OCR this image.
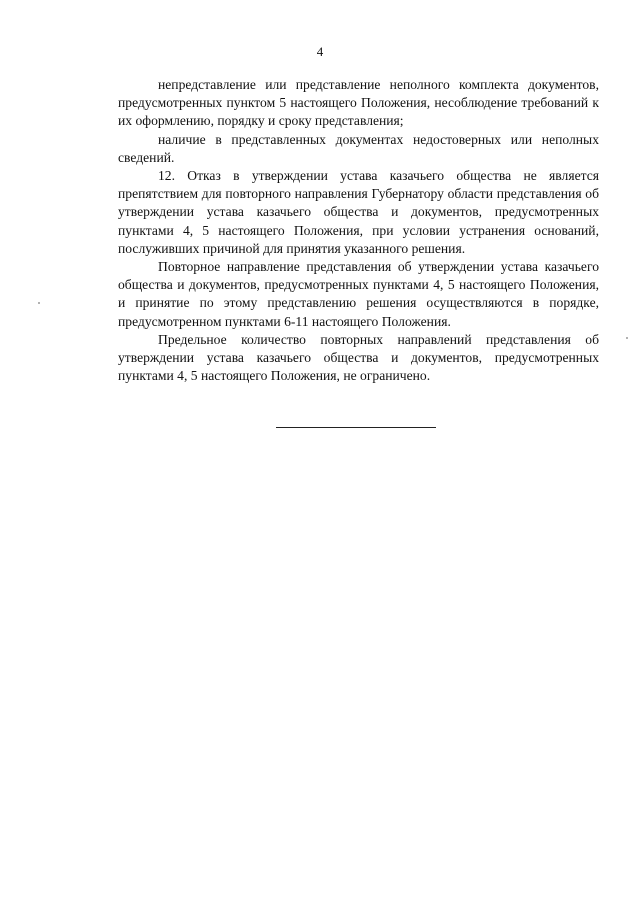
4

непредставление или представление неполного комплекта документов, предусмотренных пунктом 5 настоящего Положения, несоблюдение требований к их оформлению, порядку и сроку представления;

наличие в представленных документах недостоверных или неполных сведений.

12. Отказ в утверждении устава казачьего общества не является препятствием для повторного направления Губернатору области представления об утверждении устава казачьего общества и документов, предусмотренных пунктами 4, 5 настоящего Положения, при условии устранения оснований, послуживших причиной для принятия указанного решения.

Повторное направление представления об утверждении устава казачьего общества и документов, предусмотренных пунктами 4, 5 настоящего Положения, и принятие по этому представлению решения осуществляются в порядке, предусмотренном пунктами 6-11 настоящего Положения.

Предельное количество повторных направлений представления об утверждении устава казачьего общества и документов, предусмотренных пунктами 4, 5 настоящего Положения, не ограничено.
